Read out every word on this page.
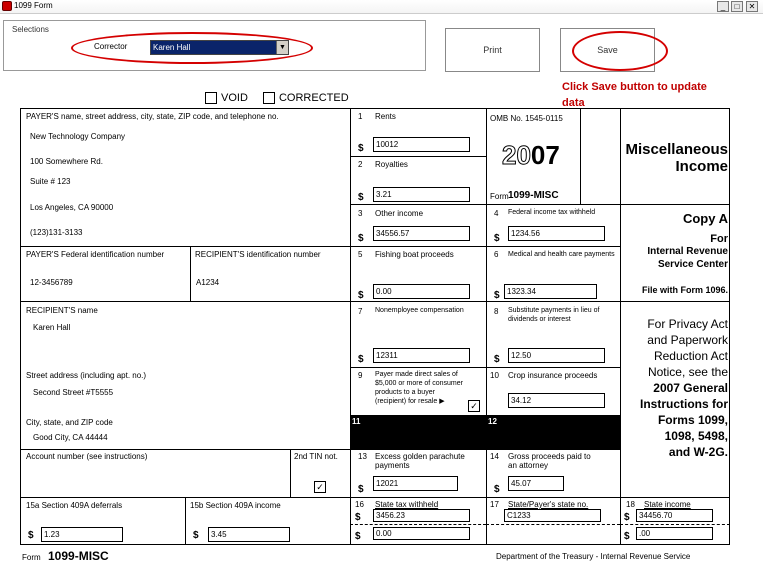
1099 Form	_	□	✕
Selections
Corrector	Karen Hall	▼	Print	Save
Click Save button to update data
VOID	CORRECTED
PAYER'S name, street address, city, state, ZIP code, and telephone no.
New Technology Company
100 Somewhere Rd.
Suite # 123
Los Angeles, CA 90000
(123)131-3133
PAYER'S Federal identification number
12-3456789
RECIPIENT'S identification number
A1234
RECIPIENT'S name
Karen Hall
Street address (including apt. no.)
Second Street #T5555
City, state, and ZIP code
Good City, CA 44444
Account number (see instructions)	2nd TIN not.
✓
1 Rents
$	10012
2 Royalties
$	3.21
OMB No. 1545-0115
2007
Form 1099-MISC
Miscellaneous
Income
Copy A
For
Internal Revenue
Service Center
File with Form 1096.
For Privacy Act
and Paperwork
Reduction Act
Notice, see the
2007 General
Instructions for
Forms 1099,
1098, 5498,
and W-2G.
3 Other income
$	34556.57
4 Federal income tax withheld
$	1234.56
5 Fishing boat proceeds
$	0.00
6 Medical and health care payments
$ 1323.34
7 Nonemployee compensation
$	12311
8 Substitute payments in lieu of
dividends or interest
$	12.50
9 Payer made direct sales of
$5,000 or more of consumer
products to a buyer
(recipient) for resale ▶	✓
10 Crop insurance proceeds
34.12
11	12
13 Excess golden parachute
payments
$
12021
14 Gross proceeds paid to
an attorney
$
45.07
15a Section 409A deferrals
$	1.23
15b Section 409A income
$	3.45
16 State tax withheld
$	3456.23
$	0.00
17 State/Payer's state no.
C1233
18 State income
$	34456.70
$	.00
Form 1099-MISC	Department of the Treasury - Internal Revenue Service
